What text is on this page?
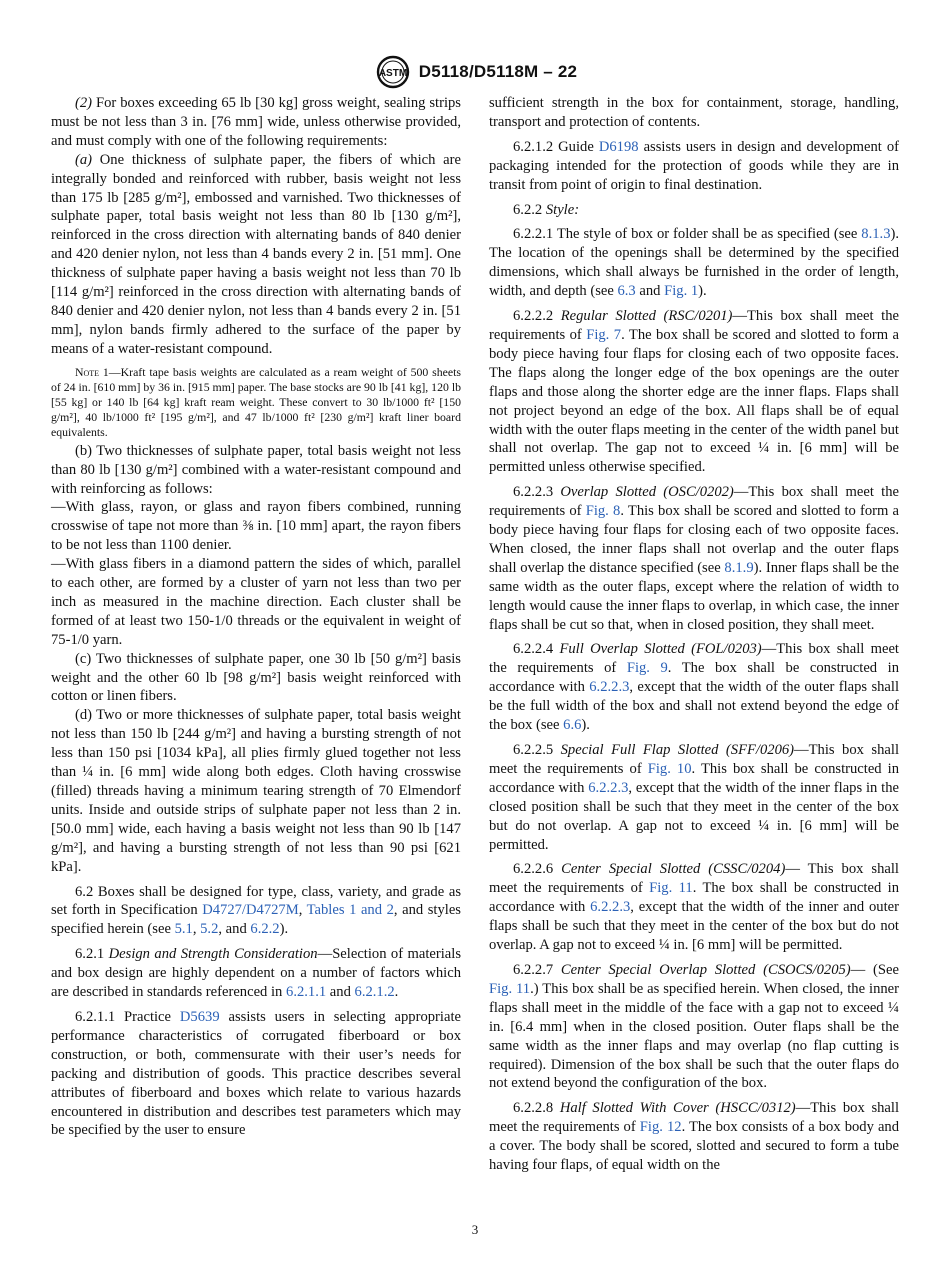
ASTM D5118/D5118M – 22

(2) For boxes exceeding 65 lb [30 kg] gross weight, sealing strips must be not less than 3 in. [76 mm] wide, unless otherwise provided, and must comply with one of the following requirements:

(a) One thickness of sulphate paper, the fibers of which are integrally bonded and reinforced with rubber, basis weight not less than 175 lb [285 g/m²], embossed and varnished. Two thicknesses of sulphate paper, total basis weight not less than 80 lb [130 g/m²], reinforced in the cross direction with alternating bands of 840 denier and 420 denier nylon, not less than 4 bands every 2 in. [51 mm]. One thickness of sulphate paper having a basis weight not less than 70 lb [114 g/m²] reinforced in the cross direction with alternating bands of 840 denier and 420 denier nylon, not less than 4 bands every 2 in. [51 mm], nylon bands firmly adhered to the surface of the paper by means of a water-resistant compound.

Note 1—Kraft tape basis weights are calculated as a ream weight of 500 sheets of 24 in. [610 mm] by 36 in. [915 mm] paper. The base stocks are 90 lb [41 kg], 120 lb [55 kg] or 140 lb [64 kg] kraft ream weight. These convert to 30 lb/1000 ft² [150 g/m²], 40 lb/1000 ft² [195 g/m²], and 47 lb/1000 ft² [230 g/m²] kraft liner board equivalents.

(b) Two thicknesses of sulphate paper, total basis weight not less than 80 lb [130 g/m²] combined with a water-resistant compound and with reinforcing as follows:

—With glass, rayon, or glass and rayon fibers combined, running crosswise of tape not more than ⅜ in. [10 mm] apart, the rayon fibers to be not less than 1100 denier.

—With glass fibers in a diamond pattern the sides of which, parallel to each other, are formed by a cluster of yarn not less than two per inch as measured in the machine direction. Each cluster shall be formed of at least two 150-1/0 threads or the equivalent in weight of 75-1/0 yarn.

(c) Two thicknesses of sulphate paper, one 30 lb [50 g/m²] basis weight and the other 60 lb [98 g/m²] basis weight reinforced with cotton or linen fibers.

(d) Two or more thicknesses of sulphate paper, total basis weight not less than 150 lb [244 g/m²] and having a bursting strength of not less than 150 psi [1034 kPa], all plies firmly glued together not less than ¼ in. [6 mm] wide along both edges. Cloth having crosswise (filled) threads having a minimum tearing strength of 70 Elmendorf units. Inside and outside strips of sulphate paper not less than 2 in. [50.0 mm] wide, each having a basis weight not less than 90 lb [147 g/m²], and having a bursting strength of not less than 90 psi [621 kPa].

6.2 Boxes shall be designed for type, class, variety, and grade as set forth in Specification D4727/D4727M, Tables 1 and 2, and styles specified herein (see 5.1, 5.2, and 6.2.2).

6.2.1 Design and Strength Consideration—Selection of materials and box design are highly dependent on a number of factors which are described in standards referenced in 6.2.1.1 and 6.2.1.2.

6.2.1.1 Practice D5639 assists users in selecting appropriate performance characteristics of corrugated fiberboard or box construction, or both, commensurate with their user’s needs for packing and distribution of goods. This practice describes several attributes of fiberboard and boxes which relate to various hazards encountered in distribution and describes test parameters which may be specified by the user to ensure

sufficient strength in the box for containment, storage, handling, transport and protection of contents.

6.2.1.2 Guide D6198 assists users in design and development of packaging intended for the protection of goods while they are in transit from point of origin to final destination.

6.2.2 Style:

6.2.2.1 The style of box or folder shall be as specified (see 8.1.3). The location of the openings shall be determined by the specified dimensions, which shall always be furnished in the order of length, width, and depth (see 6.3 and Fig. 1).

6.2.2.2 Regular Slotted (RSC/0201)—This box shall meet the requirements of Fig. 7. The box shall be scored and slotted to form a body piece having four flaps for closing each of two opposite faces. The flaps along the longer edge of the box openings are the outer flaps and those along the shorter edge are the inner flaps. Flaps shall not project beyond an edge of the box. All flaps shall be of equal width with the outer flaps meeting in the center of the width panel but shall not overlap. The gap not to exceed ¼ in. [6 mm] will be permitted unless otherwise specified.

6.2.2.3 Overlap Slotted (OSC/0202)—This box shall meet the requirements of Fig. 8. This box shall be scored and slotted to form a body piece having four flaps for closing each of two opposite faces. When closed, the inner flaps shall not overlap and the outer flaps shall overlap the distance specified (see 8.1.9). Inner flaps shall be the same width as the outer flaps, except where the relation of width to length would cause the inner flaps to overlap, in which case, the inner flaps shall be cut so that, when in closed position, they shall meet.

6.2.2.4 Full Overlap Slotted (FOL/0203)—This box shall meet the requirements of Fig. 9. The box shall be constructed in accordance with 6.2.2.3, except that the width of the outer flaps shall be the full width of the box and shall not extend beyond the edge of the box (see 6.6).

6.2.2.5 Special Full Flap Slotted (SFF/0206)—This box shall meet the requirements of Fig. 10. This box shall be constructed in accordance with 6.2.2.3, except that the width of the inner flaps in the closed position shall be such that they meet in the center of the box but do not overlap. A gap not to exceed ¼ in. [6 mm] will be permitted.

6.2.2.6 Center Special Slotted (CSSC/0204)— This box shall meet the requirements of Fig. 11. The box shall be constructed in accordance with 6.2.2.3, except that the width of the inner and outer flaps shall be such that they meet in the center of the box but do not overlap. A gap not to exceed ¼ in. [6 mm] will be permitted.

6.2.2.7 Center Special Overlap Slotted (CSOCS/0205)— (See Fig. 11.) This box shall be as specified herein. When closed, the inner flaps shall meet in the middle of the face with a gap not to exceed ¼ in. [6.4 mm] when in the closed position. Outer flaps shall be the same width as the inner flaps and may overlap (no flap cutting is required). Dimension of the box shall be such that the outer flaps do not extend beyond the configuration of the box.

6.2.2.8 Half Slotted With Cover (HSCC/0312)—This box shall meet the requirements of Fig. 12. The box consists of a box body and a cover. The body shall be scored, slotted and secured to form a tube having four flaps, of equal width on the

3
